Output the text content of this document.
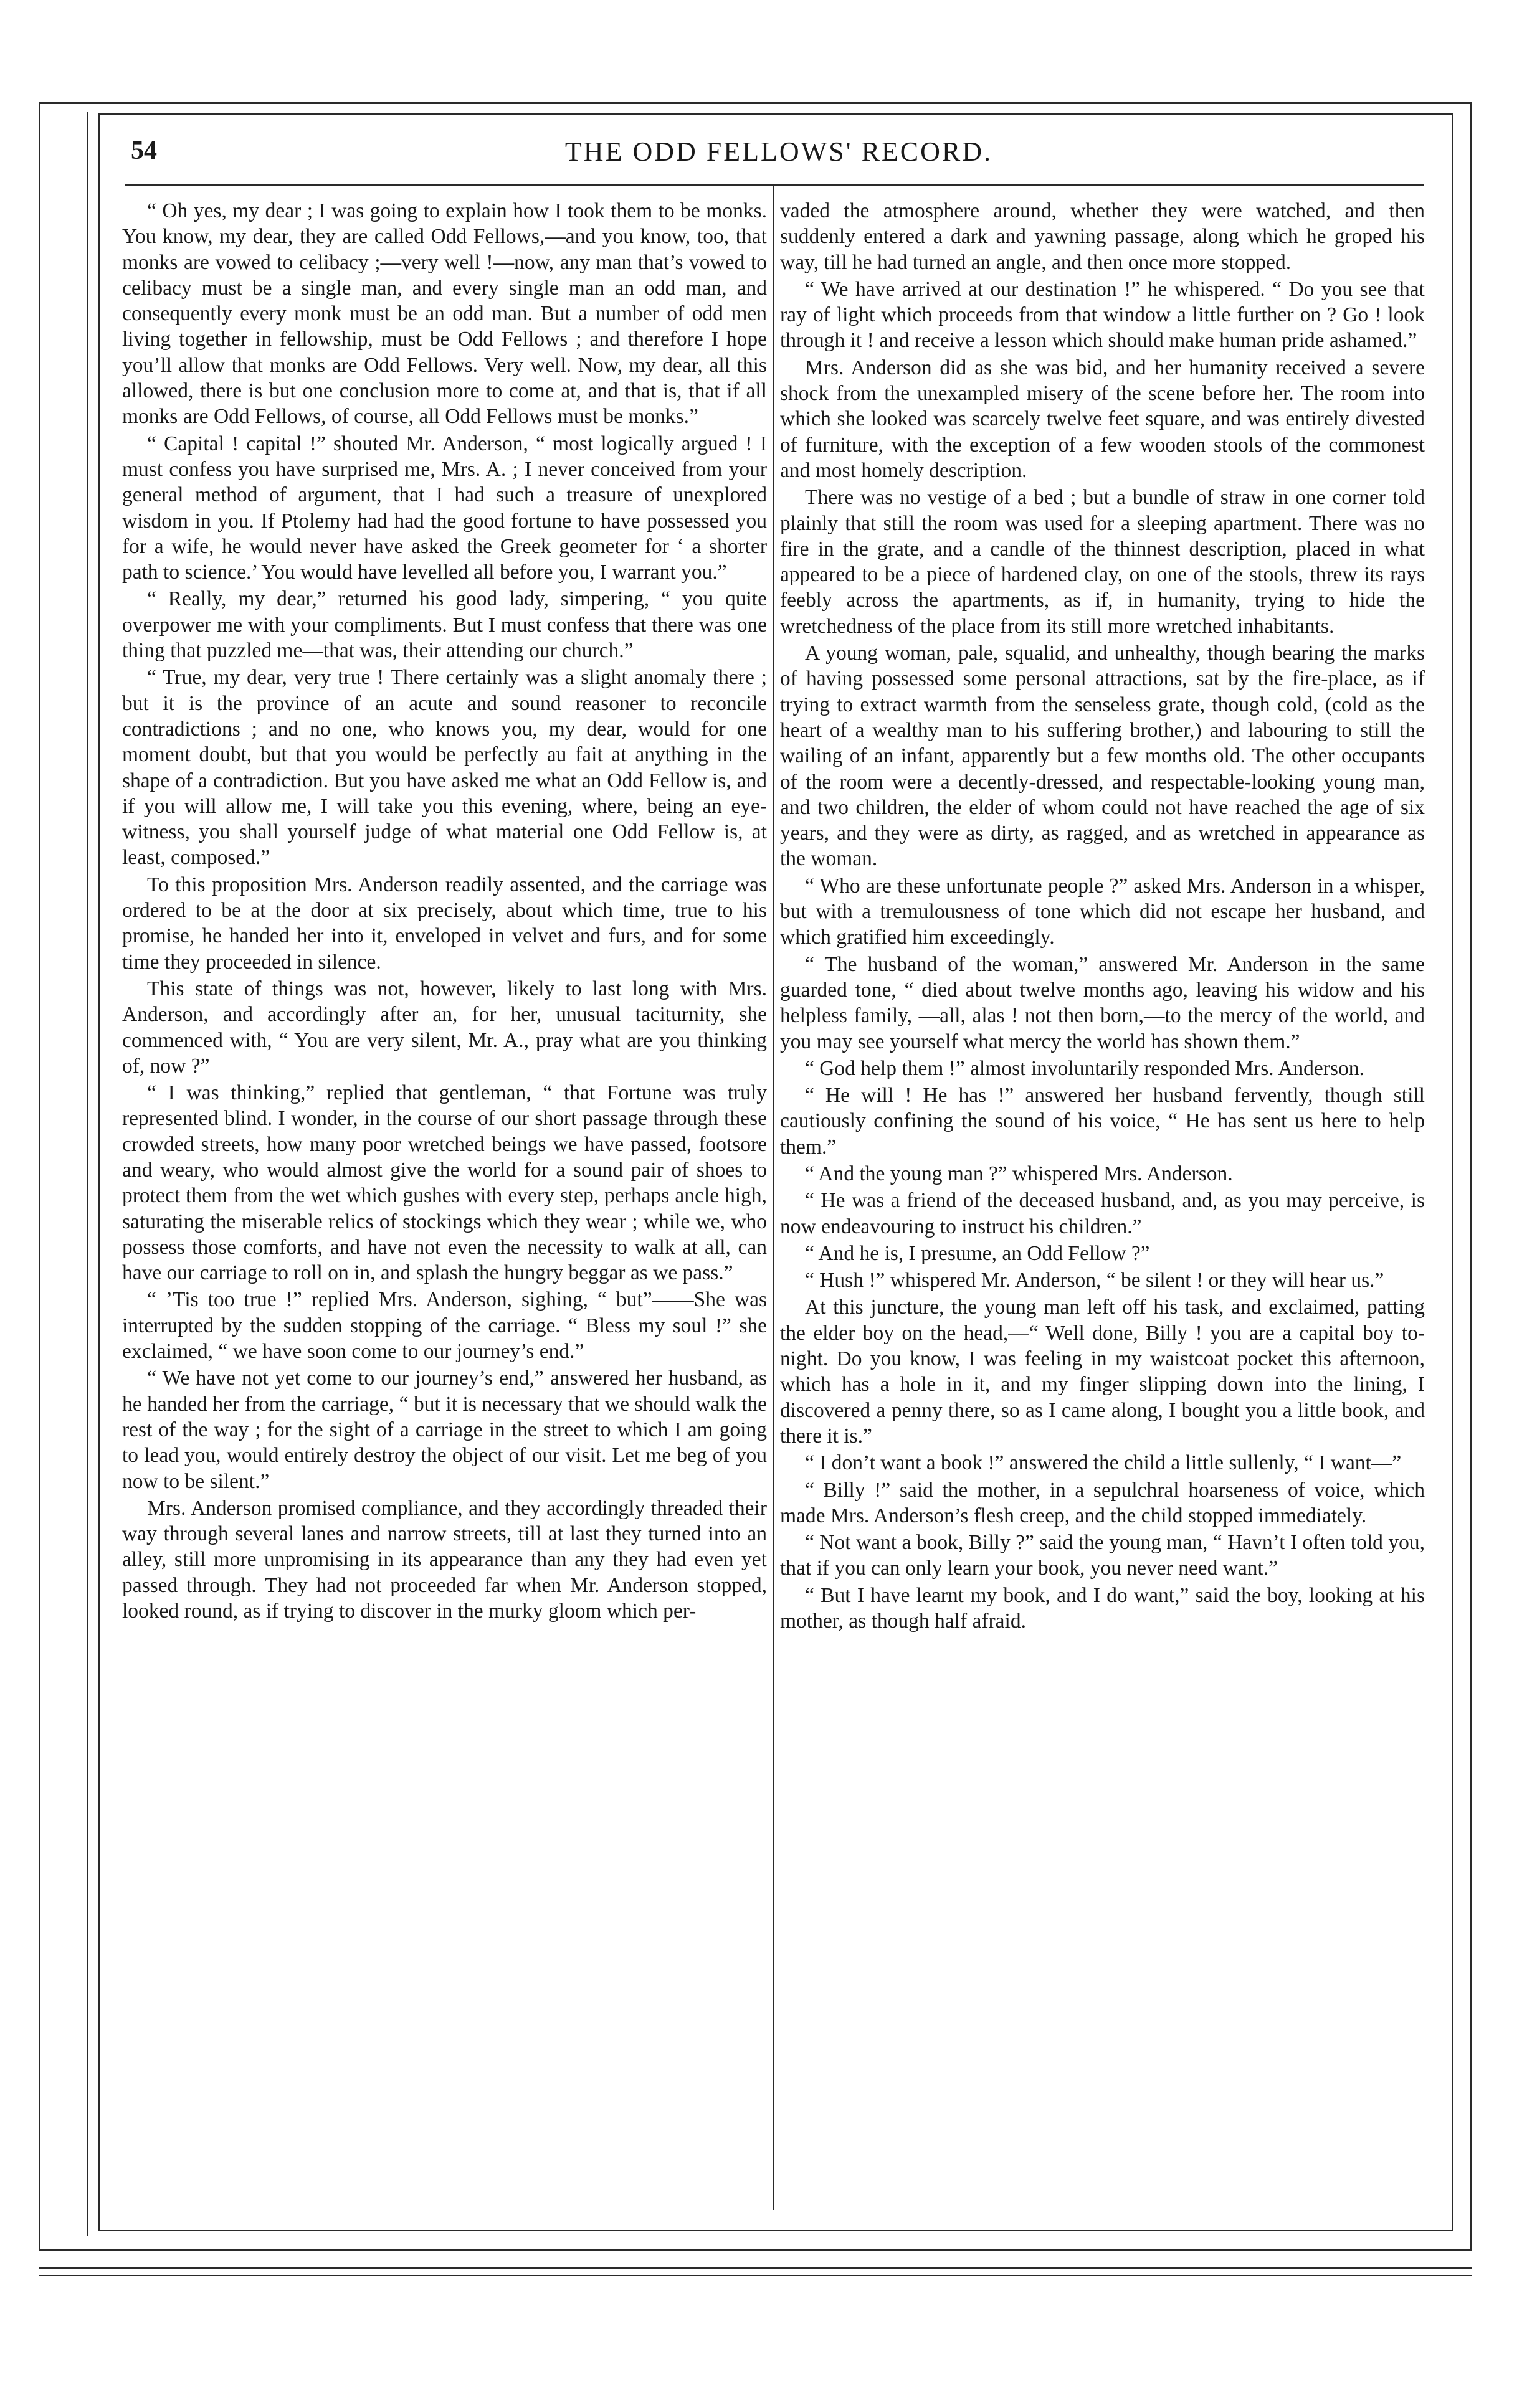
54	THE ODD FELLOWS' RECORD.

“ Oh yes, my dear ; I was going to explain how I took them to be monks. You know, my dear, they are called Odd Fellows,—and you know, too, that monks are vowed to celibacy ;—very well !—now, any man that’s vowed to celibacy must be a single man, and every single man an odd man, and consequently every monk must be an odd man. But a number of odd men living together in fellowship, must be Odd Fellows ; and therefore I hope you’ll allow that monks are Odd Fellows. Very well. Now, my dear, all this allowed, there is but one conclusion more to come at, and that is, that if all monks are Odd Fellows, of course, all Odd Fellows must be monks.”

“ Capital ! capital !” shouted Mr. Anderson, “ most logically argued ! I must confess you have surprised me, Mrs. A. ; I never conceived from your general method of argument, that I had such a treasure of unexplored wisdom in you. If Ptolemy had had the good fortune to have possessed you for a wife, he would never have asked the Greek geometer for ‘ a shorter path to science.’ You would have levelled all before you, I warrant you.”

“ Really, my dear,” returned his good lady, simpering, “ you quite overpower me with your compliments. But I must confess that there was one thing that puzzled me—that was, their attending our church.”

“ True, my dear, very true ! There certainly was a slight anomaly there ; but it is the province of an acute and sound reasoner to reconcile contradictions ; and no one, who knows you, my dear, would for one moment doubt, but that you would be perfectly au fait at anything in the shape of a contradiction. But you have asked me what an Odd Fellow is, and if you will allow me, I will take you this evening, where, being an eye-witness, you shall yourself judge of what material one Odd Fellow is, at least, composed.”

To this proposition Mrs. Anderson readily assented, and the carriage was ordered to be at the door at six precisely, about which time, true to his promise, he handed her into it, enveloped in velvet and furs, and for some time they proceeded in silence.

This state of things was not, however, likely to last long with Mrs. Anderson, and accordingly after an, for her, unusual taciturnity, she commenced with, “ You are very silent, Mr. A., pray what are you thinking of, now ?”

“ I was thinking,” replied that gentleman, “ that Fortune was truly represented blind. I wonder, in the course of our short passage through these crowded streets, how many poor wretched beings we have passed, footsore and weary, who would almost give the world for a sound pair of shoes to protect them from the wet which gushes with every step, perhaps ancle high, saturating the miserable relics of stockings which they wear ; while we, who possess those comforts, and have not even the necessity to walk at all, can have our carriage to roll on in, and splash the hungry beggar as we pass.”

“ ’Tis too true !” replied Mrs. Anderson, sighing, “ but”——She was interrupted by the sudden stopping of the carriage. “ Bless my soul !” she exclaimed, “ we have soon come to our journey’s end.”

“ We have not yet come to our journey’s end,” answered her husband, as he handed her from the carriage, “ but it is necessary that we should walk the rest of the way ; for the sight of a carriage in the street to which I am going to lead you, would entirely destroy the object of our visit. Let me beg of you now to be silent.”

Mrs. Anderson promised compliance, and they accordingly threaded their way through several lanes and narrow streets, till at last they turned into an alley, still more unpromising in its appearance than any they had even yet passed through. They had not proceeded far when Mr. Anderson stopped, looked round, as if trying to discover in the murky gloom which per-

vaded the atmosphere around, whether they were watched, and then suddenly entered a dark and yawning passage, along which he groped his way, till he had turned an angle, and then once more stopped.

“ We have arrived at our destination !” he whispered. “ Do you see that ray of light which proceeds from that window a little further on ? Go ! look through it ! and receive a lesson which should make human pride ashamed.”

Mrs. Anderson did as she was bid, and her humanity received a severe shock from the unexampled misery of the scene before her. The room into which she looked was scarcely twelve feet square, and was entirely divested of furniture, with the exception of a few wooden stools of the commonest and most homely description.

There was no vestige of a bed ; but a bundle of straw in one corner told plainly that still the room was used for a sleeping apartment. There was no fire in the grate, and a candle of the thinnest description, placed in what appeared to be a piece of hardened clay, on one of the stools, threw its rays feebly across the apartments, as if, in humanity, trying to hide the wretchedness of the place from its still more wretched inhabitants.

A young woman, pale, squalid, and unhealthy, though bearing the marks of having possessed some personal attractions, sat by the fire-place, as if trying to extract warmth from the senseless grate, though cold, (cold as the heart of a wealthy man to his suffering brother,) and labouring to still the wailing of an infant, apparently but a few months old. The other occupants of the room were a decently-dressed, and respectable-looking young man, and two children, the elder of whom could not have reached the age of six years, and they were as dirty, as ragged, and as wretched in appearance as the woman.

“ Who are these unfortunate people ?” asked Mrs. Anderson in a whisper, but with a tremulousness of tone which did not escape her husband, and which gratified him exceedingly.

“ The husband of the woman,” answered Mr. Anderson in the same guarded tone, “ died about twelve months ago, leaving his widow and his helpless family, —all, alas ! not then born,—to the mercy of the world, and you may see yourself what mercy the world has shown them.”

“ God help them !” almost involuntarily responded Mrs. Anderson.

“ He will ! He has !” answered her husband fervently, though still cautiously confining the sound of his voice, “ He has sent us here to help them.”

“ And the young man ?” whispered Mrs. Anderson.

“ He was a friend of the deceased husband, and, as you may perceive, is now endeavouring to instruct his children.”

“ And he is, I presume, an Odd Fellow ?”

“ Hush !” whispered Mr. Anderson, “ be silent ! or they will hear us.”

At this juncture, the young man left off his task, and exclaimed, patting the elder boy on the head,—“ Well done, Billy ! you are a capital boy to-night. Do you know, I was feeling in my waistcoat pocket this afternoon, which has a hole in it, and my finger slipping down into the lining, I discovered a penny there, so as I came along, I bought you a little book, and there it is.”

“ I don’t want a book !” answered the child a little sullenly, “ I want—”

“ Billy !” said the mother, in a sepulchral hoarseness of voice, which made Mrs. Anderson’s flesh creep, and the child stopped immediately.

“ Not want a book, Billy ?” said the young man, “ Havn’t I often told you, that if you can only learn your book, you never need want.”

“ But I have learnt my book, and I do want,” said the boy, looking at his mother, as though half afraid.
